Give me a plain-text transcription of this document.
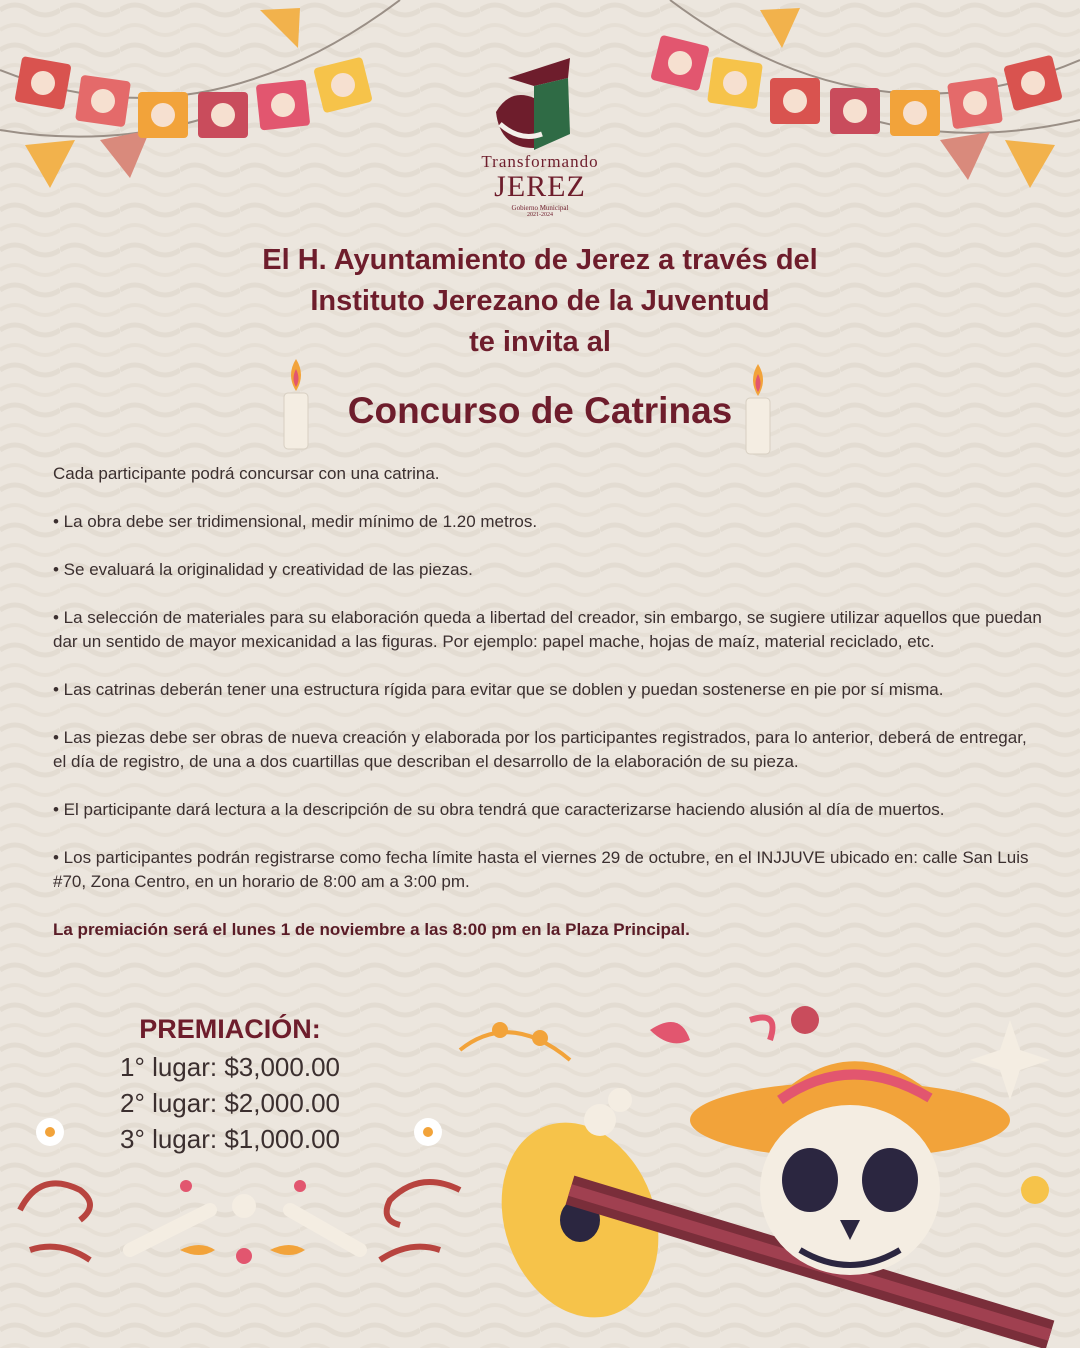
Transformando
JEREZ
Gobierno Municipal
2021-2024
El H. Ayuntamiento de Jerez a través del
Instituto Jerezano de la Juventud
te invita al
Concurso de Catrinas

Cada participante podrá concursar con una catrina.

• La obra debe ser tridimensional, medir mínimo de 1.20 metros.

• Se evaluará la originalidad y creatividad de las piezas.

• La selección de materiales para su elaboración queda a libertad del creador, sin embargo, se sugiere utilizar aquellos que puedan dar un sentido de mayor mexicanidad a las figuras. Por ejemplo: papel mache, hojas de maíz, material reciclado, etc.

• Las catrinas deberán tener una estructura rígida para evitar que se doblen y puedan sostenerse en pie por sí misma.

• Las piezas debe ser obras de nueva creación y elaborada por los participantes registrados, para lo anterior, deberá de entregar, el día de registro, de una a dos cuartillas que describan el desarrollo de la elaboración de su pieza.

• El participante dará lectura a la descripción de su obra tendrá que caracterizarse haciendo alusión al día de muertos.

• Los participantes podrán registrarse como fecha límite hasta el viernes 29 de octubre, en el INJJUVE ubicado en: calle San Luis #70, Zona Centro, en un horario de 8:00 am a 3:00 pm.

La premiación será el lunes 1 de noviembre a las 8:00 pm en la Plaza Principal.

PREMIACIÓN:
1° lugar: $3,000.00
2° lugar: $2,000.00
3° lugar: $1,000.00
